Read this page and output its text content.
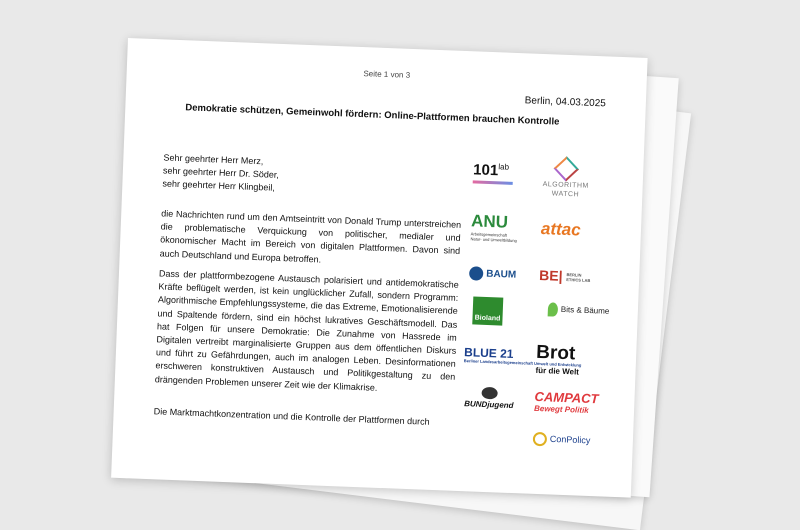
Seite 1 von 3
Berlin, 04.03.2025
Demokratie schützen, Gemeinwohl fördern: Online-Plattformen brauchen Kontrolle
Sehr geehrter Herr Merz,
sehr geehrter Herr Dr. Söder,
sehr geehrter Herr Klingbeil,
die Nachrichten rund um den Amtseintritt von Donald Trump unterstreichen die problematische Verquickung von politischer, medialer und ökonomischer Macht im Bereich von digitalen Plattformen. Davon sind auch Deutschland und Europa betroffen.
Dass der plattformbezogene Austausch polarisiert und antidemokratische Kräfte beflügelt werden, ist kein unglücklicher Zufall, sondern Programm: Algorithmische Empfehlungssysteme, die das Extreme, Emotionalisierende und Spaltende fördern, sind ein höchst lukratives Geschäftsmodell. Das hat Folgen für unsere Demokratie: Die Zunahme von Hassrede im Digitalen vertreibt marginalisierte Gruppen aus dem öffentlichen Diskurs und führt zu Gefährdungen, auch im analogen Leben. Desinformationen erschweren konstruktiven Austausch und Politikgestaltung zu den drängenden Problemen unserer Zeit wie der Klimakrise.
Die Marktmachtkonzentration und die Kontrolle der Plattformen durch
$101^{lab}$
ALGORITHM
WATCH
ANU
Arbeitsgemeinschaft Natur- und Umweltbildung
attac
BAUM BE| BERLIN ETHICS LAB
Bioland
Bits & Bäume
BLUE 21
Berliner Landesarbeitsgemeinschaft Umwelt und Entwicklung
Brot
für die Welt
BUNDjugend CAMPACT
Bewegt Politik
ConPolicy
